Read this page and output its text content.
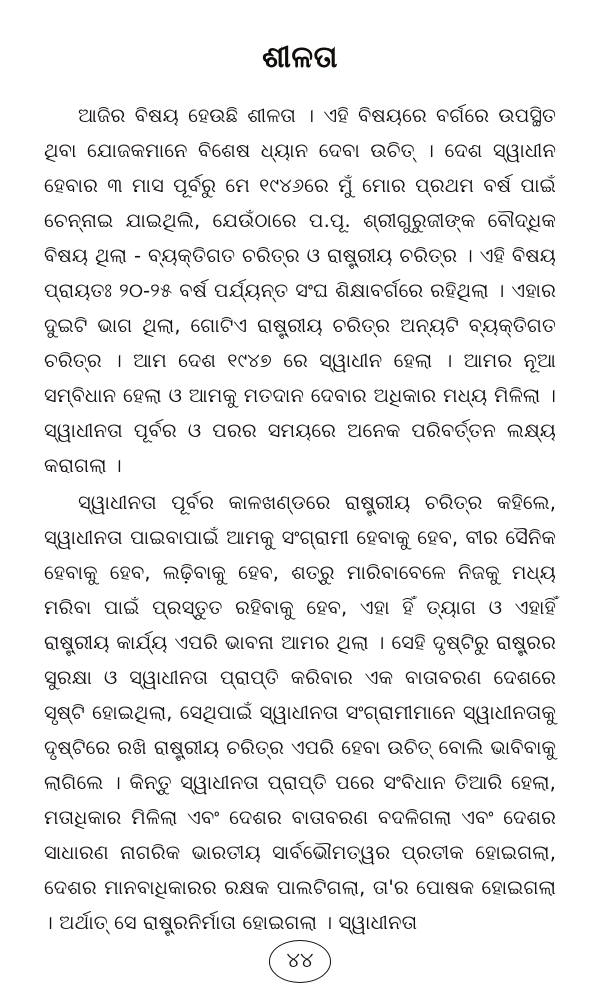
ଶୀଳତା

ଆଜିର ବିଷୟ ହେଉଛି ଶୀଳତା । ଏହି ବିଷୟରେ ବର୍ଗରେ ଉପସ୍ଥିତ ଥିବା ଯୋଜକମାନେ ବିଶେଷ ଧ୍ୟାନ ଦେବା ଉଚିତ୍ । ଦେଶ ସ୍ୱାଧୀନ ହେବାର ୩ ମାସ ପୂର୍ବରୁ ମେ ୧୯୪୬ରେ ମୁଁ ମୋର ପ୍ରଥମ ବର୍ଷ ପାଇଁ ଚେନ୍ନାଇ ଯାଇଥିଲି, ଯେଉଁଠାରେ ପ.ପୂ. ଶ୍ରୀଗୁରୁଜୀଙ୍କ ବୌଦ୍ଧିକ ବିଷୟ ଥିଲା - ବ୍ୟକ୍ତିଗତ ଚରିତ୍ର ଓ ରାଷ୍ଟ୍ରୀୟ ଚରିତ୍ର । ଏହି ବିଷୟ ପ୍ରାୟତଃ ୨୦-୨୫ ବର୍ଷ ପର୍ଯ୍ୟନ୍ତ ସଂଘ ଶିକ୍ଷାବର୍ଗରେ ରହିଥିଲା । ଏହାର ଦୁଇଟି ଭାଗ ଥିଲା, ଗୋଟିଏ ରାଷ୍ଟ୍ରୀୟ ଚରିତ୍ର ଅନ୍ୟଟି ବ୍ୟକ୍ତିଗତ ଚରିତ୍ର । ଆମ ଦେଶ ୧୯୪୭ ରେ ସ୍ୱାଧୀନ ହେଲା । ଆମର ନୂଆ ସମ୍ବିଧାନ ହେଲା ଓ ଆମକୁ ମତଦାନ ଦେବାର ଅଧିକାର ମଧ୍ୟ ମିଳିଲା । ସ୍ୱାଧୀନତା ପୂର୍ବର ଓ ପରର ସମୟରେ ଅନେକ ପରିବର୍ତ୍ତନ ଲକ୍ଷ୍ୟ କରାଗଲା ।

ସ୍ୱାଧୀନତା ପୂର୍ବର କାଳଖଣ୍ଡରେ ରାଷ୍ଟ୍ରୀୟ ଚରିତ୍ର କହିଲେ, ସ୍ୱାଧୀନତା ପାଇବାପାଇଁ ଆମକୁ ସଂଗ୍ରାମୀ ହେବାକୁ ହେବ, ବୀର ସୈନିକ ହେବାକୁ ହେବ, ଲଢ଼ିବାକୁ ହେବ, ଶତ୍ରୁ ମାରିବାବେଳେ ନିଜକୁ ମଧ୍ୟ ମରିବା ପାଇଁ ପ୍ରସ୍ତୁତ ରହିବାକୁ ହେବ, ଏହା ହିଁ ତ୍ୟାଗ ଓ ଏହାହିଁ ରାଷ୍ଟ୍ରୀୟ କାର୍ଯ୍ୟ ଏପରି ଭାବନା ଆମର ଥିଲା । ସେହି ଦୃଷ୍ଟିରୁ ରାଷ୍ଟ୍ରର ସୁରକ୍ଷା ଓ ସ୍ୱାଧୀନତା ପ୍ରାପ୍ତି କରିବାର ଏକ ବାତାବରଣ ଦେଶରେ ସୃଷ୍ଟି ହୋଇଥିଲା, ସେଥିପାଇଁ ସ୍ୱାଧୀନତା ସଂଗ୍ରାମୀମାନେ ସ୍ୱାଧୀନତାକୁ ଦୃଷ୍ଟିରେ ରଖି ରାଷ୍ଟ୍ରୀୟ ଚରିତ୍ର ଏପରି ହେବା ଉଚିତ୍ ବୋଲି ଭାବିବାକୁ ଲାଗିଲେ । କିନ୍ତୁ ସ୍ୱାଧୀନତା ପ୍ରାପ୍ତି ପରେ ସଂବିଧାନ ତିଆରି ହେଲା, ମତାଧିକାର ମିଳିଲା ଏବଂ ଦେଶର ବାତାବରଣ ବଦଳିଗଲା ଏବଂ ଦେଶର ସାଧାରଣ ନାଗରିକ ଭାରତୀୟ ସାର୍ବଭୌମତ୍ୱର ପ୍ରତୀକ ହୋଇଗଲା, ଦେଶର ମାନବାଧିକାରର ରକ୍ଷକ ପାଲଟିଗଲା, ତା'ର ପୋଷକ ହୋଇଗଲା । ଅର୍ଥାତ୍ ସେ ରାଷ୍ଟ୍ରନିର୍ମାତା ହୋଇଗଲା । ସ୍ୱାଧୀନତା

୪୪
